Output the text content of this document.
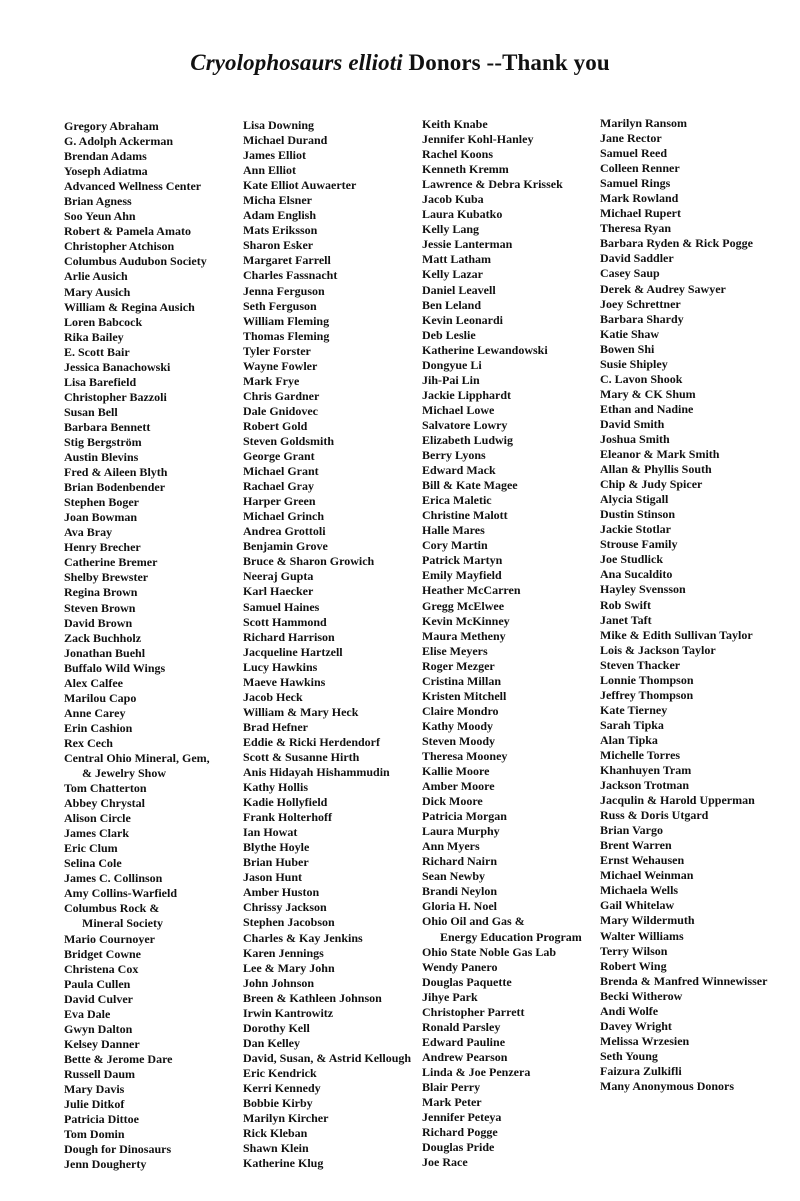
Cryolophosaurs ellioti Donors --Thank you
Gregory Abraham
G. Adolph Ackerman
Brendan Adams
Yoseph Adiatma
Advanced Wellness Center
Brian Agness
Soo Yeun Ahn
Robert & Pamela Amato
Christopher Atchison
Columbus Audubon Society
Arlie Ausich
Mary Ausich
William & Regina Ausich
Loren Babcock
Rika Bailey
E. Scott Bair
Jessica Banachowski
Lisa Barefield
Christopher Bazzoli
Susan Bell
Barbara Bennett
Stig Bergström
Austin Blevins
Fred & Aileen Blyth
Brian Bodenbender
Stephen Boger
Joan Bowman
Ava Bray
Henry Brecher
Catherine Bremer
Shelby Brewster
Regina Brown
Steven Brown
David Brown
Zack Buchholz
Jonathan Buehl
Buffalo Wild Wings
Alex Calfee
Marilou Capo
Anne Carey
Erin Cashion
Rex Cech
Central Ohio Mineral, Gem,
& Jewelry Show
Tom Chatterton
Abbey Chrystal
Alison Circle
James Clark
Eric Clum
Selina Cole
James C. Collinson
Amy Collins-Warfield
Columbus Rock &
Mineral Society
Mario Cournoyer
Bridget Cowne
Christena Cox
Paula Cullen
David Culver
Eva Dale
Gwyn Dalton
Kelsey Danner
Bette & Jerome Dare
Russell Daum
Mary Davis
Julie Ditkof
Patricia Dittoe
Tom Domin
Dough for Dinosaurs
Jenn Dougherty
Lisa Downing
Michael Durand
James Elliot
Ann Elliot
Kate Elliot Auwaerter
Micha Elsner
Adam English
Mats Eriksson
Sharon Esker
Margaret Farrell
Charles Fassnacht
Jenna Ferguson
Seth Ferguson
William Fleming
Thomas Fleming
Tyler Forster
Wayne Fowler
Mark Frye
Chris Gardner
Dale Gnidovec
Robert Gold
Steven Goldsmith
George Grant
Michael Grant
Rachael Gray
Harper Green
Michael Grinch
Andrea Grottoli
Benjamin Grove
Bruce & Sharon Growich
Neeraj Gupta
Karl Haecker
Samuel Haines
Scott Hammond
Richard Harrison
Jacqueline Hartzell
Lucy Hawkins
Maeve Hawkins
Jacob Heck
William & Mary Heck
Brad Hefner
Eddie & Ricki Herdendorf
Scott & Susanne Hirth
Anis Hidayah Hishammudin
Kathy Hollis
Kadie Hollyfield
Frank Holterhoff
Ian Howat
Blythe Hoyle
Brian Huber
Jason Hunt
Amber Huston
Chrissy Jackson
Stephen Jacobson
Charles & Kay Jenkins
Karen Jennings
Lee & Mary John
John Johnson
Breen & Kathleen Johnson
Irwin Kantrowitz
Dorothy Kell
Dan Kelley
David, Susan, & Astrid Kellough
Eric Kendrick
Kerri Kennedy
Bobbie Kirby
Marilyn Kircher
Rick Kleban
Shawn Klein
Katherine Klug
Keith Knabe
Jennifer Kohl-Hanley
Rachel Koons
Kenneth Kremm
Lawrence & Debra Krissek
Jacob Kuba
Laura Kubatko
Kelly Lang
Jessie Lanterman
Matt Latham
Kelly Lazar
Daniel Leavell
Ben Leland
Kevin Leonardi
Deb Leslie
Katherine Lewandowski
Dongyue Li
Jih-Pai Lin
Jackie Lipphardt
Michael Lowe
Salvatore Lowry
Elizabeth Ludwig
Berry Lyons
Edward Mack
Bill & Kate Magee
Erica Maletic
Christine Malott
Halle Mares
Cory Martin
Patrick Martyn
Emily Mayfield
Heather McCarren
Gregg McElwee
Kevin McKinney
Maura Metheny
Elise Meyers
Roger Mezger
Cristina Millan
Kristen Mitchell
Claire Mondro
Kathy Moody
Steven Moody
Theresa Mooney
Kallie Moore
Amber Moore
Dick Moore
Patricia Morgan
Laura Murphy
Ann Myers
Richard Nairn
Sean Newby
Brandi Neylon
Gloria H. Noel
Ohio Oil and Gas &
Energy Education Program
Ohio State Noble Gas Lab
Wendy Panero
Douglas Paquette
Jihye Park
Christopher Parrett
Ronald Parsley
Edward Pauline
Andrew Pearson
Linda & Joe Penzera
Blair Perry
Mark Peter
Jennifer Peteya
Richard Pogge
Douglas Pride
Joe Race
Marilyn Ransom
Jane Rector
Samuel Reed
Colleen Renner
Samuel Rings
Mark Rowland
Michael Rupert
Theresa Ryan
Barbara Ryden & Rick Pogge
David Saddler
Casey Saup
Derek & Audrey Sawyer
Joey Schrettner
Barbara Shardy
Katie Shaw
Bowen Shi
Susie Shipley
C. Lavon Shook
Mary & CK Shum
Ethan and Nadine
David Smith
Joshua Smith
Eleanor & Mark Smith
Allan & Phyllis South
Chip & Judy Spicer
Alycia Stigall
Dustin Stinson
Jackie Stotlar
Strouse Family
Joe Studlick
Ana Sucaldito
Hayley Svensson
Rob Swift
Janet Taft
Mike & Edith Sullivan Taylor
Lois & Jackson Taylor
Steven Thacker
Lonnie Thompson
Jeffrey Thompson
Kate Tierney
Sarah Tipka
Alan Tipka
Michelle Torres
Khanhuyen Tram
Jackson Trotman
Jacqulin & Harold Upperman
Russ & Doris Utgard
Brian Vargo
Brent Warren
Ernst Wehausen
Michael Weinman
Michaela Wells
Gail Whitelaw
Mary Wildermuth
Walter Williams
Terry Wilson
Robert Wing
Brenda & Manfred Winnewisser
Becki Witherow
Andi Wolfe
Davey Wright
Melissa Wrzesien
Seth Young
Faizura Zulkifli
Many Anonymous Donors
